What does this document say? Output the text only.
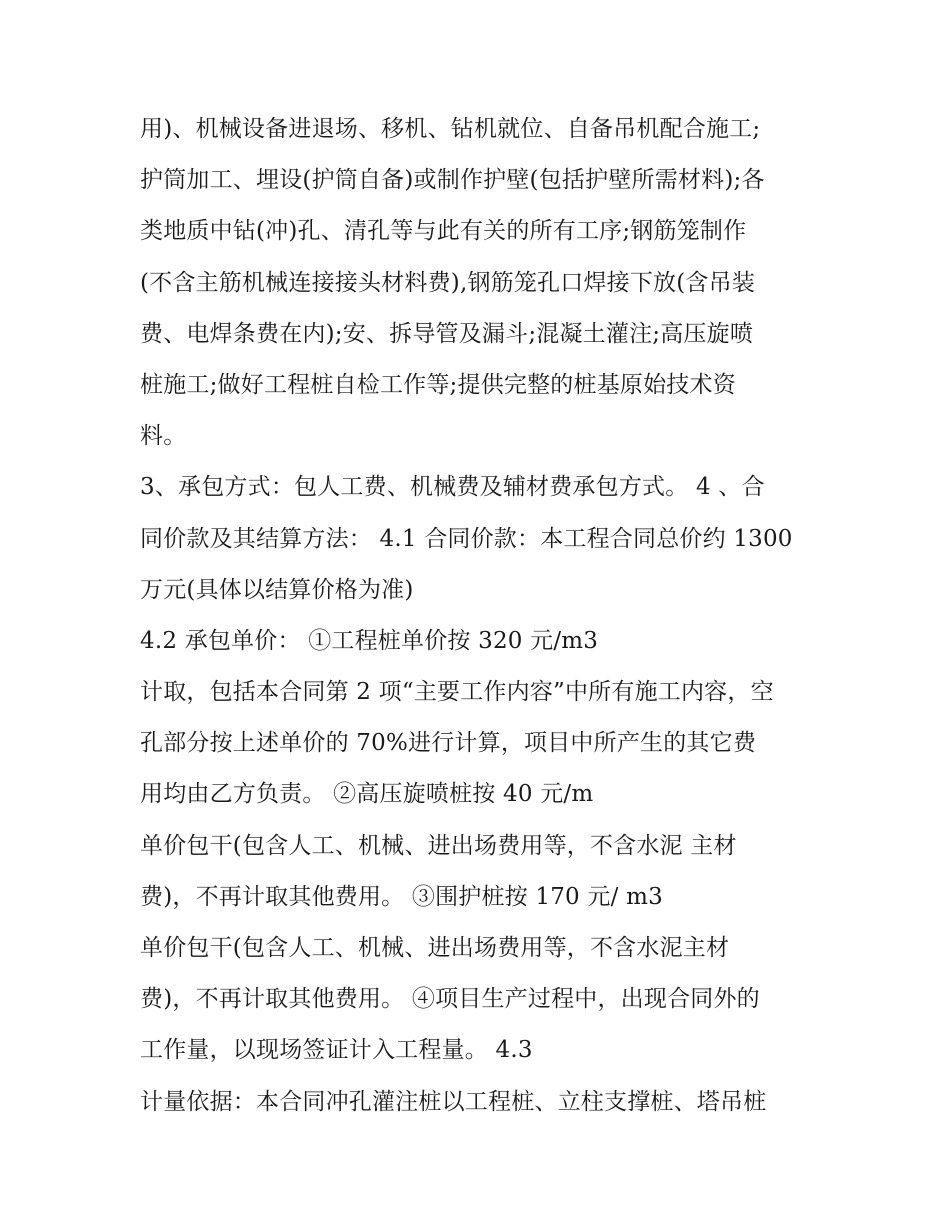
用)、机械设备进退场、移机、钻机就位、自备吊机配合施工;
护筒加工、埋设(护筒自备)或制作护壁(包括护壁所需材料);各
类地质中钻(冲)孔、清孔等与此有关的所有工序;钢筋笼制作
(不含主筋机械连接接头材料费),钢筋笼孔口焊接下放(含吊装
费、电焊条费在内);安、拆导管及漏斗;混凝土灌注;高压旋喷
桩施工;做好工程桩自检工作等;提供完整的桩基原始技术资
料。
3、承包方式：包人工费、机械费及辅材费承包方式。 4 、合
同价款及其结算方法： 4.1 合同价款：本工程合同总价约 1300
万元(具体以结算价格为准)
4.2 承包单价： ①工程桩单价按 320 元/m3
计取，包括本合同第 2 项“主要工作内容”中所有施工内容，空
孔部分按上述单价的 70%进行计算，项目中所产生的其它费
用均由乙方负责。 ②高压旋喷桩按 40 元/m
单价包干(包含人工、机械、进出场费用等，不含水泥 主材
费)，不再计取其他费用。 ③围护桩按 170 元/ m3
单价包干(包含人工、机械、进出场费用等，不含水泥主材
费)，不再计取其他费用。 ④项目生产过程中，出现合同外的
工作量，以现场签证计入工程量。 4.3
计量依据：本合同冲孔灌注桩以工程桩、立柱支撑桩、塔吊桩
